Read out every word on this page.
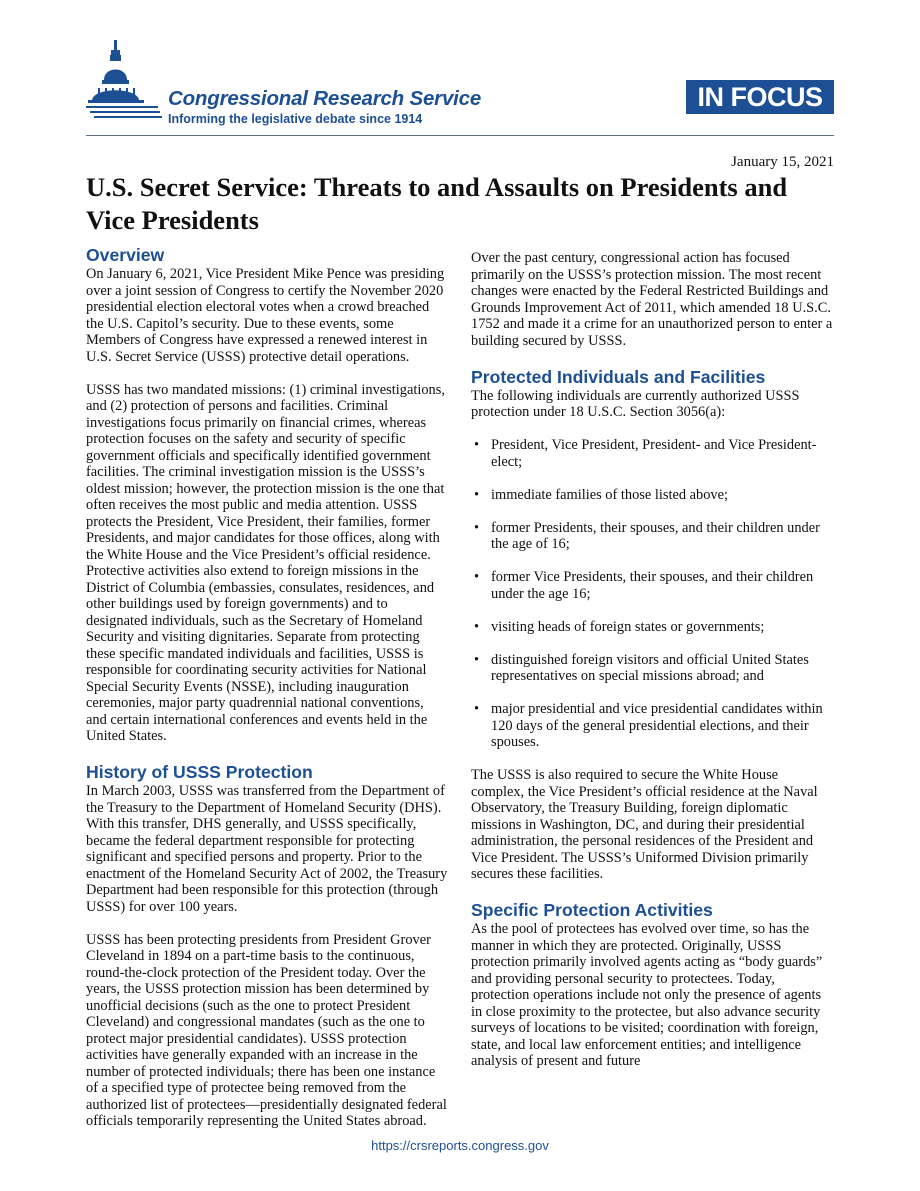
Congressional Research Service
Informing the legislative debate since 1914
IN FOCUS
January 15, 2021
U.S. Secret Service: Threats to and Assaults on Presidents and Vice Presidents
Overview

On January 6, 2021, Vice President Mike Pence was presiding over a joint session of Congress to certify the November 2020 presidential election electoral votes when a crowd breached the U.S. Capitol’s security. Due to these events, some Members of Congress have expressed a renewed interest in U.S. Secret Service (USSS) protective detail operations.

USSS has two mandated missions: (1) criminal investigations, and (2) protection of persons and facilities. Criminal investigations focus primarily on financial crimes, whereas protection focuses on the safety and security of specific government officials and specifically identified government facilities. The criminal investigation mission is the USSS’s oldest mission; however, the protection mission is the one that often receives the most public and media attention. USSS protects the President, Vice President, their families, former Presidents, and major candidates for those offices, along with the White House and the Vice President’s official residence. Protective activities also extend to foreign missions in the District of Columbia (embassies, consulates, residences, and other buildings used by foreign governments) and to designated individuals, such as the Secretary of Homeland Security and visiting dignitaries. Separate from protecting these specific mandated individuals and facilities, USSS is responsible for coordinating security activities for National Special Security Events (NSSE), including inauguration ceremonies, major party quadrennial national conventions, and certain international conferences and events held in the United States.

History of USSS Protection

In March 2003, USSS was transferred from the Department of the Treasury to the Department of Homeland Security (DHS). With this transfer, DHS generally, and USSS specifically, became the federal department responsible for protecting significant and specified persons and property. Prior to the enactment of the Homeland Security Act of 2002, the Treasury Department had been responsible for this protection (through USSS) for over 100 years.

USSS has been protecting presidents from President Grover Cleveland in 1894 on a part-time basis to the continuous, round-the-clock protection of the President today. Over the years, the USSS protection mission has been determined by unofficial decisions (such as the one to protect President Cleveland) and congressional mandates (such as the one to protect major presidential candidates). USSS protection activities have generally expanded with an increase in the number of protected individuals; there has been one instance of a specified type of protectee being removed from the authorized list of protectees—presidentially designated federal officials temporarily representing the United States abroad.

Over the past century, congressional action has focused primarily on the USSS’s protection mission. The most recent changes were enacted by the Federal Restricted Buildings and Grounds Improvement Act of 2011, which amended 18 U.S.C. 1752 and made it a crime for an unauthorized person to enter a building secured by USSS.

Protected Individuals and Facilities

The following individuals are currently authorized USSS protection under 18 U.S.C. Section 3056(a):

• President, Vice President, President- and Vice President-elect;
• immediate families of those listed above;
• former Presidents, their spouses, and their children under the age of 16;
• former Vice Presidents, their spouses, and their children under the age 16;
• visiting heads of foreign states or governments;
• distinguished foreign visitors and official United States representatives on special missions abroad; and
• major presidential and vice presidential candidates within 120 days of the general presidential elections, and their spouses.

The USSS is also required to secure the White House complex, the Vice President’s official residence at the Naval Observatory, the Treasury Building, foreign diplomatic missions in Washington, DC, and during their presidential administration, the personal residences of the President and Vice President. The USSS’s Uniformed Division primarily secures these facilities.

Specific Protection Activities

As the pool of protectees has evolved over time, so has the manner in which they are protected. Originally, USSS protection primarily involved agents acting as “body guards” and providing personal security to protectees. Today, protection operations include not only the presence of agents in close proximity to the protectee, but also advance security surveys of locations to be visited; coordination with foreign, state, and local law enforcement entities; and intelligence analysis of present and future

https://crsreports.congress.gov
